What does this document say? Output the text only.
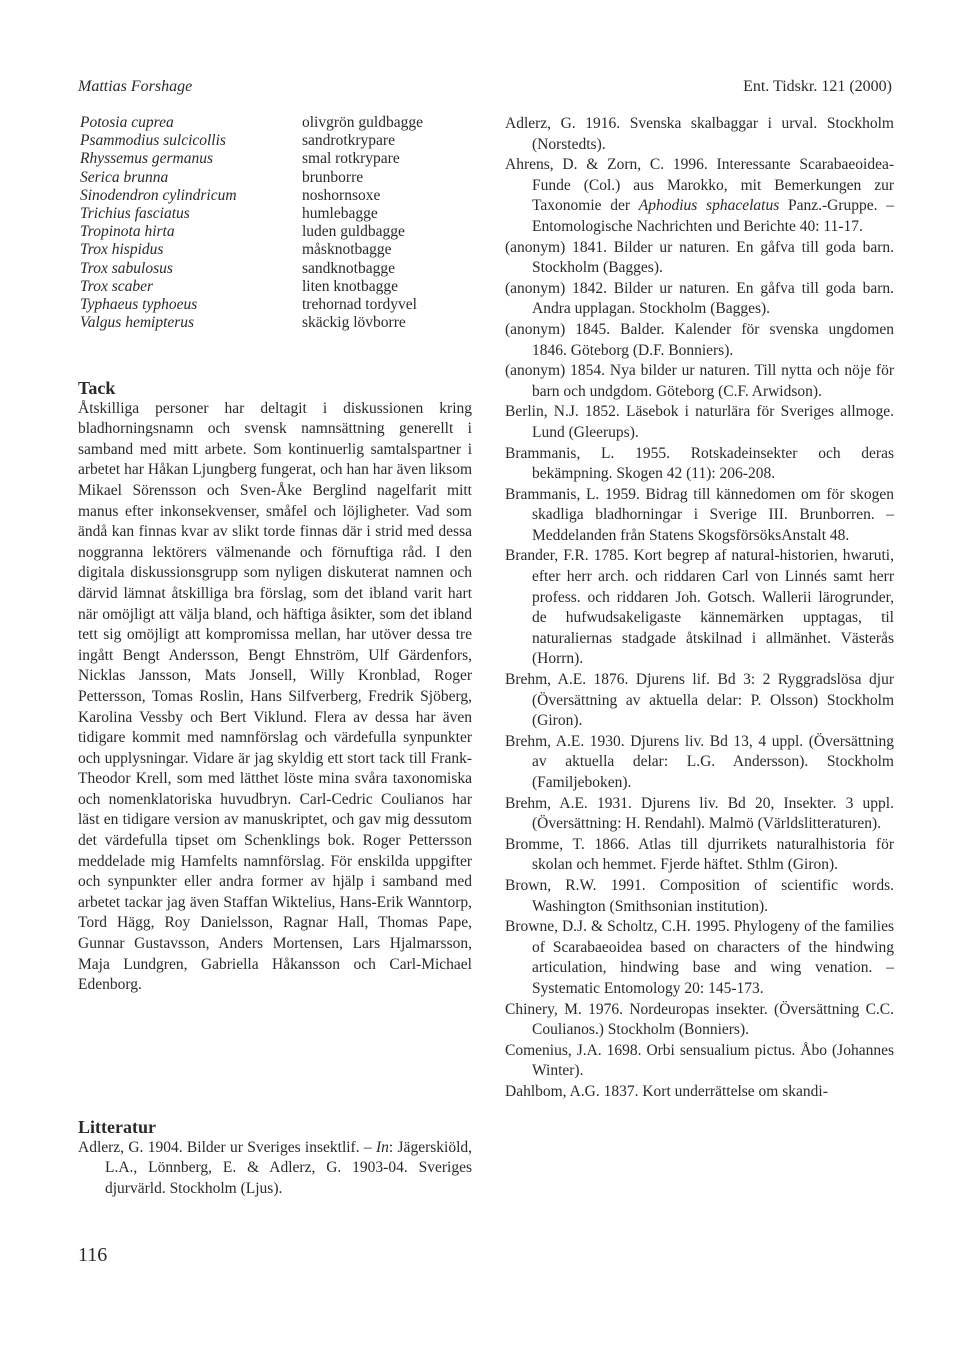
Mattias Forshage	Ent. Tidskr. 121 (2000)
Potosia cuprea	olivgrön guldbagge
Psammodius sulcicollis	sandrotkrypare
Rhyssemus germanus	smal rotkrypare
Serica brunna	brunborre
Sinodendron cylindricum	noshornsoxe
Trichius fasciatus	humlebagge
Tropinota hirta	luden guldbagge
Trox hispidus	måsknotbagge
Trox sabulosus	sandknotbagge
Trox scaber	liten knotbagge
Typhaeus typhoeus	trehornad tordyvel
Valgus hemipterus	skäckig lövborre
Tack
Åtskilliga personer har deltagit i diskussionen kring bladhorningsnamn och svensk namnsättning generellt i samband med mitt arbete. Som kontinuerlig samtalspartner i arbetet har Håkan Ljungberg fungerat, och han har även liksom Mikael Sörensson och Sven-Åke Berglind nagelfarit mitt manus efter inkonsekvenser, småfel och löjligheter. Vad som ändå kan finnas kvar av slikt torde finnas där i strid med dessa noggranna lektörers välmenande och förnuftiga råd. I den digitala diskussionsgrupp som nyligen diskuterat namnen och därvid lämnat åtskilliga bra förslag, som det ibland varit hart när omöjligt att välja bland, och häftiga åsikter, som det ibland tett sig omöjligt att kompromissa mellan, har utöver dessa tre ingått Bengt Andersson, Bengt Ehnström, Ulf Gärdenfors, Nicklas Jansson, Mats Jonsell, Willy Kronblad, Roger Pettersson, Tomas Roslin, Hans Silfverberg, Fredrik Sjöberg, Karolina Vessby och Bert Viklund. Flera av dessa har även tidigare kommit med namnförslag och värdefulla synpunkter och upplysningar. Vidare är jag skyldig ett stort tack till Frank-Theodor Krell, som med lätthet löste mina svåra taxonomiska och nomenklatoriska huvudbryn. Carl-Cedric Coulianos har läst en tidigare version av manuskriptet, och gav mig dessutom det värdefulla tipset om Schenklings bok. Roger Pettersson meddelade mig Hamfelts namnförslag. För enskilda uppgifter och synpunkter eller andra former av hjälp i samband med arbetet tackar jag även Staffan Wiktelius, Hans-Erik Wanntorp, Tord Hägg, Roy Danielsson, Ragnar Hall, Thomas Pape, Gunnar Gustavsson, Anders Mortensen, Lars Hjalmarsson, Maja Lundgren, Gabriella Håkansson och Carl-Michael Edenborg.
Litteratur

Adlerz, G. 1904. Bilder ur Sveriges insektlif. – In: Jägerskiöld, L.A., Lönnberg, E. & Adlerz, G. 1903-04. Sveriges djurvärld. Stockholm (Ljus).

Adlerz, G. 1916. Svenska skalbaggar i urval. Stockholm (Norstedts).

Ahrens, D. & Zorn, C. 1996. Interessante Scarabaeoidea-Funde (Col.) aus Marokko, mit Bemerkungen zur Taxonomie der Aphodius sphacelatus Panz.-Gruppe. – Entomologische Nachrichten und Berichte 40: 11-17.

(anonym) 1841. Bilder ur naturen. En gåfva till goda barn. Stockholm (Bagges).

(anonym) 1842. Bilder ur naturen. En gåfva till goda barn. Andra upplagan. Stockholm (Bagges).

(anonym) 1845. Balder. Kalender för svenska ungdomen 1846. Göteborg (D.F. Bonniers).

(anonym) 1854. Nya bilder ur naturen. Till nytta och nöje för barn och undgdom. Göteborg (C.F. Arwidson).

Berlin, N.J. 1852. Läsebok i naturlära för Sveriges allmoge. Lund (Gleerups).

Brammanis, L. 1955. Rotskadeinsekter och deras bekämpning. Skogen 42 (11): 206-208.

Brammanis, L. 1959. Bidrag till kännedomen om för skogen skadliga bladhorningar i Sverige III. Brunborren. – Meddelanden från Statens SkogsförsöksAnstalt 48.

Brander, F.R. 1785. Kort begrep af natural-historien, hwaruti, efter herr arch. och riddaren Carl von Linnés samt herr profess. och riddaren Joh. Gotsch. Wallerii lärogrunder, de hufwudsakeligaste kännemärken upptagas, til naturaliernas stadgade åtskilnad i allmänhet. Västerås (Horrn).

Brehm, A.E. 1876. Djurens lif. Bd 3: 2 Ryggradslösa djur (Översättning av aktuella delar: P. Olsson) Stockholm (Giron).

Brehm, A.E. 1930. Djurens liv. Bd 13, 4 uppl. (Översättning av aktuella delar: L.G. Andersson). Stockholm (Familjeboken).

Brehm, A.E. 1931. Djurens liv. Bd 20, Insekter. 3 uppl. (Översättning: H. Rendahl). Malmö (Världslitteraturen).

Bromme, T. 1866. Atlas till djurrikets naturalhistoria för skolan och hemmet. Fjerde häftet. Sthlm (Giron).

Brown, R.W. 1991. Composition of scientific words. Washington (Smithsonian institution).

Browne, D.J. & Scholtz, C.H. 1995. Phylogeny of the families of Scarabaeoidea based on characters of the hindwing articulation, hindwing base and wing venation. – Systematic Entomology 20: 145-173.

Chinery, M. 1976. Nordeuropas insekter. (Översättning C.C. Coulianos.) Stockholm (Bonniers).

Comenius, J.A. 1698. Orbi sensualium pictus. Åbo (Johannes Winter).

Dahlbom, A.G. 1837. Kort underrättelse om skandi-

116
